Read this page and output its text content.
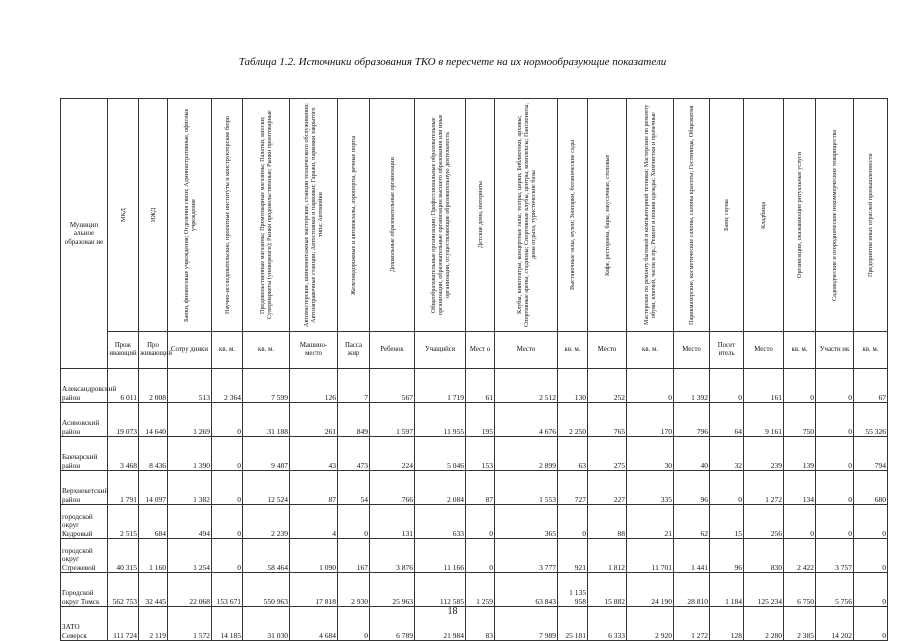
Таблица 1.2. Источники образования ТКО в пересчете на их нормообразующие показатели
Муницип альное образован ие	МКД	ИЖД	Банки, финансовые учреждения; Отделения связи; Административные, офисные учреждения	Научно-исследовательские, проектные институты и конструкторские бюро	Продовольственные магазины; Промтоварные магазины; Палатки, киоски; Супермаркеты (универмаги); Рынки продовольственные; Рынки промтоварные	Автомастерские, шиномонтажные мастерские, станции технического обслуживания; Автозаправочные станции; Автостоянки и парковки; Гаражи, парковки закрытого типа; Автомойки	Железнодорожные и автовокзалы, аэропорты, речные порты	Дошкольные образовательные организации	Общеобразовательные организации; Профессиональные образовательные организации, образовательные организации высшего образования или иные организации, осуществляющие образовательную деятельность	Детские дома, интернаты	Клубы, кинотеатры, концертные залы, театры, цирки; Библиотеки, архивы; Спортивные арены, стадионы; Спортивные клубы, центры, комплексы; Пансионаты, дома отдыха, туристические базы	Выставочные залы, музеи; Зоопарки, ботанические сады	Кафе, рестораны, бары, закусочные, столовые	Мастерские по ремонту бытовой и компьютерной техники; Мастерские по ремонту обуви, ключей, часов и пр.; Ремонт и пошив одежды; Химчистки и прачечные	Парикмахерские, косметические салоны, салоны красоты; Гостиницы, Общежития	Бани, сауны	Кладбища	Организации, оказывающие ритуальные услуги	Садоводческие и огороднические некоммерческие товарищества	Предприятия иных отраслей промышленности

	Прож ивающий	Про живающий	Сотру дники	кв. м.	кв. м.	Машино- место	Пасса жир	Ребенок	Учащийся	Мест о	Место	кв. м.	Место	кв. м.	Место	Посет итель	Место	кв. м.	Участн ик	кв. м.
Александровский район	6 011	2 008	513	2 364	7 599	126	7	567	1 719	61	2 512	130	252	0	1 392	0	161	0	0	67
Асиновский район	19 073	14 640	1 269	0	31 188	261	849	1 597	11 955	195	4 676	2 250	765	170	796	64	9 161	750	0	55 326
Бакчарский район	3 468	8 436	1 390	0	9 487	43	473	224	5 046	153	2 899	63	275	30	40	32	239	139	0	794
Верхнекетский район	1 791	14 097	1 382	0	12 524	87	54	766	2 084	87	1 553	727	227	335	96	0	1 272	134	0	680
городской округ Кедровый	2 515	684	494	0	2 239	4	0	131	633	0	365	0	88	21	62	15	256	0	0	0
городской округ Стрежевой	40 315	1 160	1 254	0	58 464	1 090	167	3 876	11 166	0	3 777	921	1 812	11 701	1 441	96	830	2 422	3 757	0
Городской округ Томск	562 753	32 445	22 068	153 671	550 963	17 818	2 930	25 963	112 585	1 259	63 843	1 135 958	15 882	24 190	28 810	1 184	125 234	6 750	5 756	0
ЗАТО Северск	111 724	2 119	1 572	14 185	31 030	4 684	0	6 789	21 984	83	7 989	25 181	6 333	2 920	1 272	128	2 280	2 385	14 202	0
18
